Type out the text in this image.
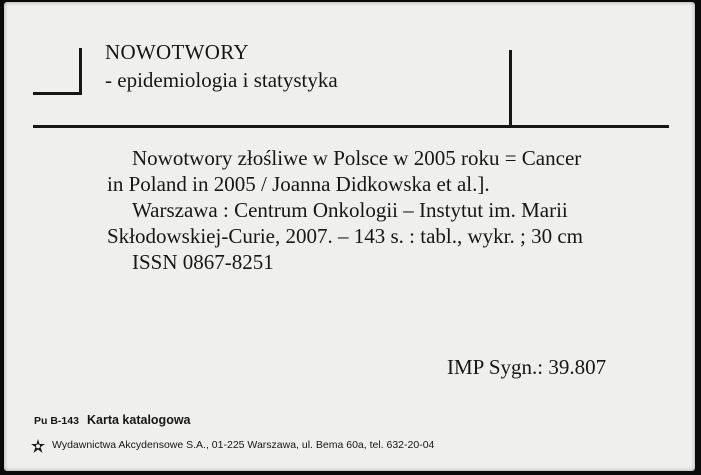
NOWOTWORY
- epidemiologia i statystyka
Nowotwory złośliwe w Polsce w 2005 roku = Cancer
in Poland in 2005 / Joanna Didkowska et al.].
Warszawa : Centrum Onkologii – Instytut im. Marii
Skłodowskiej-Curie, 2007. – 143 s. : tabl., wykr. ; 30 cm
ISSN 0867-8251
IMP Sygn.: 39.807
Pu B-143 Karta katalogowa
Wydawnictwa Akcydensowe S.A., 01-225 Warszawa, ul. Bema 60a, tel. 632-20-04
